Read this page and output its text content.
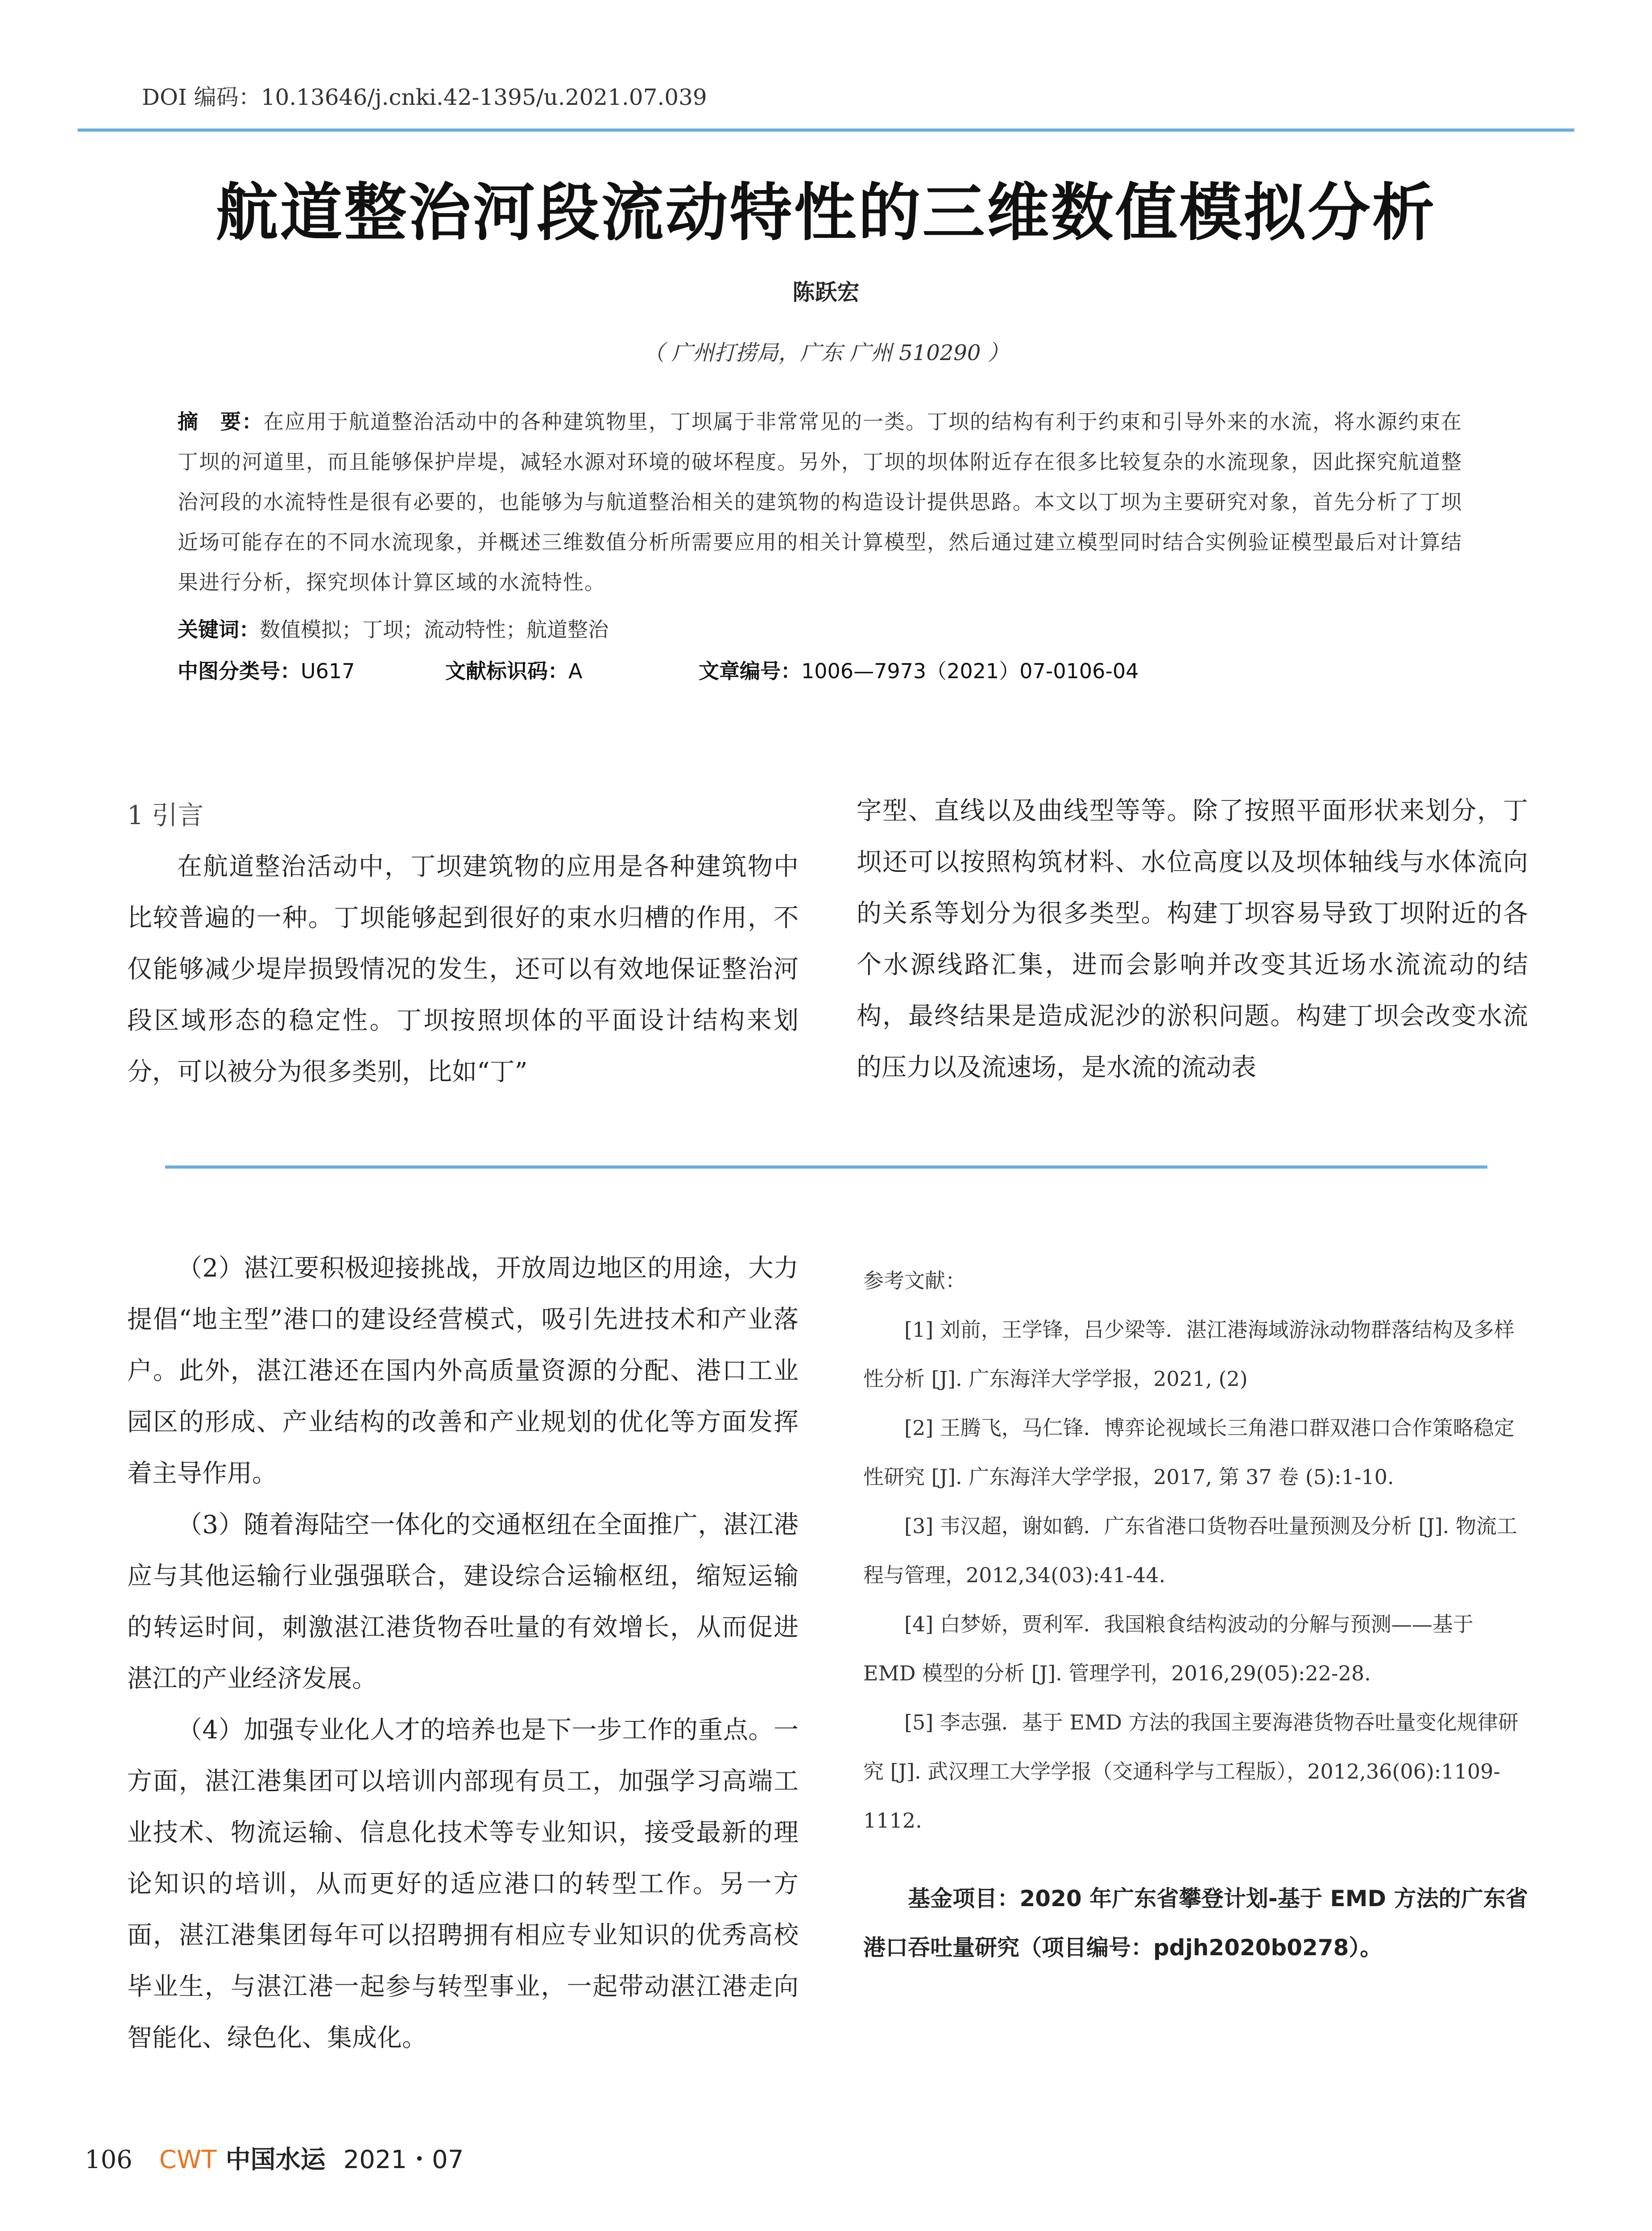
DOI 编码：10.13646/j.cnki.42-1395/u.2021.07.039
航道整治河段流动特性的三维数值模拟分析
陈跃宏
（ 广州打捞局，广东 广州 510290 ）
摘　要：在应用于航道整治活动中的各种建筑物里，丁坝属于非常常见的一类。丁坝的结构有利于约束和引导外来的水流，将水源约束在丁坝的河道里，而且能够保护岸堤，减轻水源对环境的破坏程度。另外，丁坝的坝体附近存在很多比较复杂的水流现象，因此探究航道整治河段的水流特性是很有必要的，也能够为与航道整治相关的建筑物的构造设计提供思路。本文以丁坝为主要研究对象，首先分析了丁坝近场可能存在的不同水流现象，并概述三维数值分析所需要应用的相关计算模型，然后通过建立模型同时结合实例验证模型最后对计算结果进行分析，探究坝体计算区域的水流特性。
关键词：数值模拟；丁坝；流动特性；航道整治
中图分类号：U617	文献标识码：A	文章编号：1006—7973（2021）07-0106-04
1 引言

在航道整治活动中，丁坝建筑物的应用是各种建筑物中比较普遍的一种。丁坝能够起到很好的束水归槽的作用，不仅能够减少堤岸损毁情况的发生，还可以有效地保证整治河段区域形态的稳定性。丁坝按照坝体的平面设计结构来划分，可以被分为很多类别，比如“丁”

字型、直线以及曲线型等等。除了按照平面形状来划分，丁坝还可以按照构筑材料、水位高度以及坝体轴线与水体流向的关系等划分为很多类型。构建丁坝容易导致丁坝附近的各个水源线路汇集，进而会影响并改变其近场水流流动的结构，最终结果是造成泥沙的淤积问题。构建丁坝会改变水流的压力以及流速场，是水流的流动表

（2）湛江要积极迎接挑战，开放周边地区的用途，大力提倡“地主型”港口的建设经营模式，吸引先进技术和产业落户。此外，湛江港还在国内外高质量资源的分配、港口工业园区的形成、产业结构的改善和产业规划的优化等方面发挥着主导作用。

（3）随着海陆空一体化的交通枢纽在全面推广，湛江港应与其他运输行业强强联合，建设综合运输枢纽，缩短运输的转运时间，刺激湛江港货物吞吐量的有效增长，从而促进湛江的产业经济发展。

（4）加强专业化人才的培养也是下一步工作的重点。一方面，湛江港集团可以培训内部现有员工，加强学习高端工业技术、物流运输、信息化技术等专业知识，接受最新的理论知识的培训，从而更好的适应港口的转型工作。另一方面，湛江港集团每年可以招聘拥有相应专业知识的优秀高校毕业生，与湛江港一起参与转型事业，一起带动湛江港走向智能化、绿色化、集成化。

参考文献：

[1] 刘前，王学锋，吕少梁等．湛江港海域游泳动物群落结构及多样性分析 [J]. 广东海洋大学学报，2021, (2)

[2] 王腾飞，马仁锋．博弈论视域长三角港口群双港口合作策略稳定性研究 [J]. 广东海洋大学学报，2017, 第 37 卷 (5):1-10.

[3] 韦汉超，谢如鹤．广东省港口货物吞吐量预测及分析 [J]. 物流工程与管理，2012,34(03):41-44.

[4] 白梦娇，贾利军．我国粮食结构波动的分解与预测——基于 EMD 模型的分析 [J]. 管理学刊，2016,29(05):22-28.

[5] 李志强．基于 EMD 方法的我国主要海港货物吞吐量变化规律研究 [J]. 武汉理工大学学报（交通科学与工程版），2012,36(06):1109-1112.

基金项目：2020 年广东省攀登计划-基于 EMD 方法的广东省港口吞吐量研究（项目编号：pdjh2020b0278）。
106 CWT 中国水运 2021・07
